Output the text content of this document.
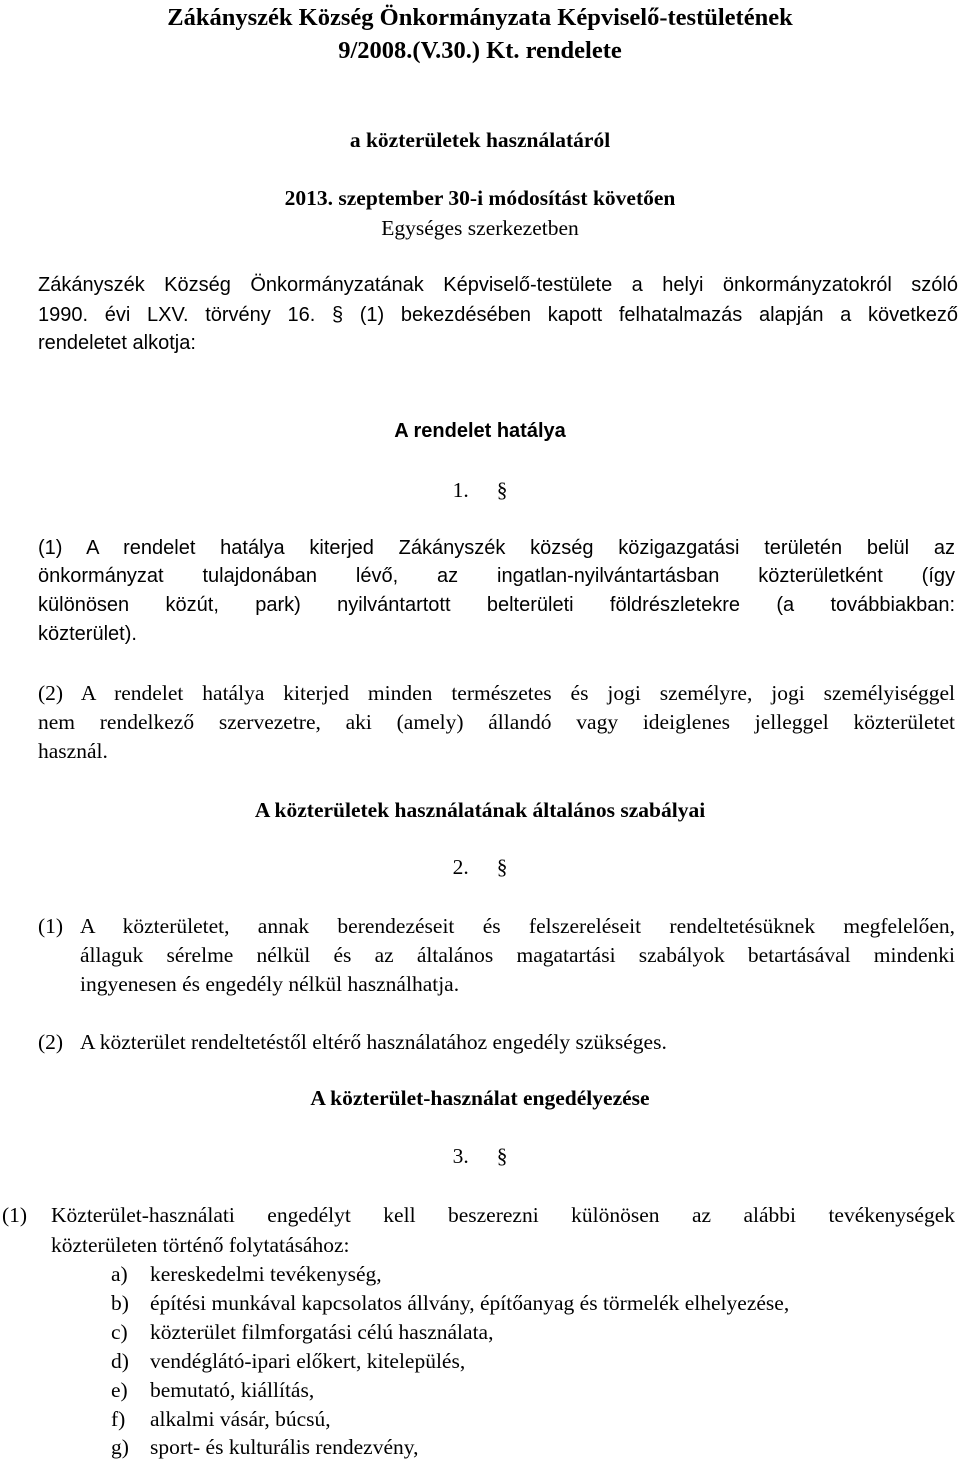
Zákányszék Község Önkormányzata Képviselő-testületének
9/2008.(V.30.) Kt. rendelete
a közterületek használatáról
2013. szeptember 30-i módosítást követően
Egységes szerkezetben
Zákányszék Község Önkormányzatának Képviselő-testülete a helyi önkormányzatokról szóló
1990. évi LXV. törvény 16. § (1) bekezdésében kapott felhatalmazás alapján a következő
rendeletet alkotja:
A rendelet hatálya
1. §
(1) A rendelet hatálya kiterjed Zákányszék község közigazgatási területén belül az
önkormányzat tulajdonában lévő, az ingatlan-nyilvántartásban közterületként (így
különösen közút, park) nyilvántartott belterületi földrészletekre (a továbbiakban:
közterület).
(2) A rendelet hatálya kiterjed minden természetes és jogi személyre, jogi személyiséggel
nem rendelkező szervezetre, aki (amely) állandó vagy ideiglenes jelleggel közterületet
használ.
A közterületek használatának általános szabályai
2. §
(1) A közterületet, annak berendezéseit és felszereléseit rendeltetésüknek megfelelően,
állaguk sérelme nélkül és az általános magatartási szabályok betartásával mindenki
ingyenesen és engedély nélkül használhatja.
(2) A közterület rendeltetéstől eltérő használatához engedély szükséges.
A közterület-használat engedélyezése
3. §
(1) Közterület-használati engedélyt kell beszerezni különösen az alábbi tevékenységek
közterületen történő folytatásához:
a) kereskedelmi tevékenység,
b) építési munkával kapcsolatos állvány, építőanyag és törmelék elhelyezése,
c) közterület filmforgatási célú használata,
d) vendéglátó-ipari előkert, kitelepülés,
e) bemutató, kiállítás,
f) alkalmi vásár, búcsú,
g) sport- és kulturális rendezvény,
